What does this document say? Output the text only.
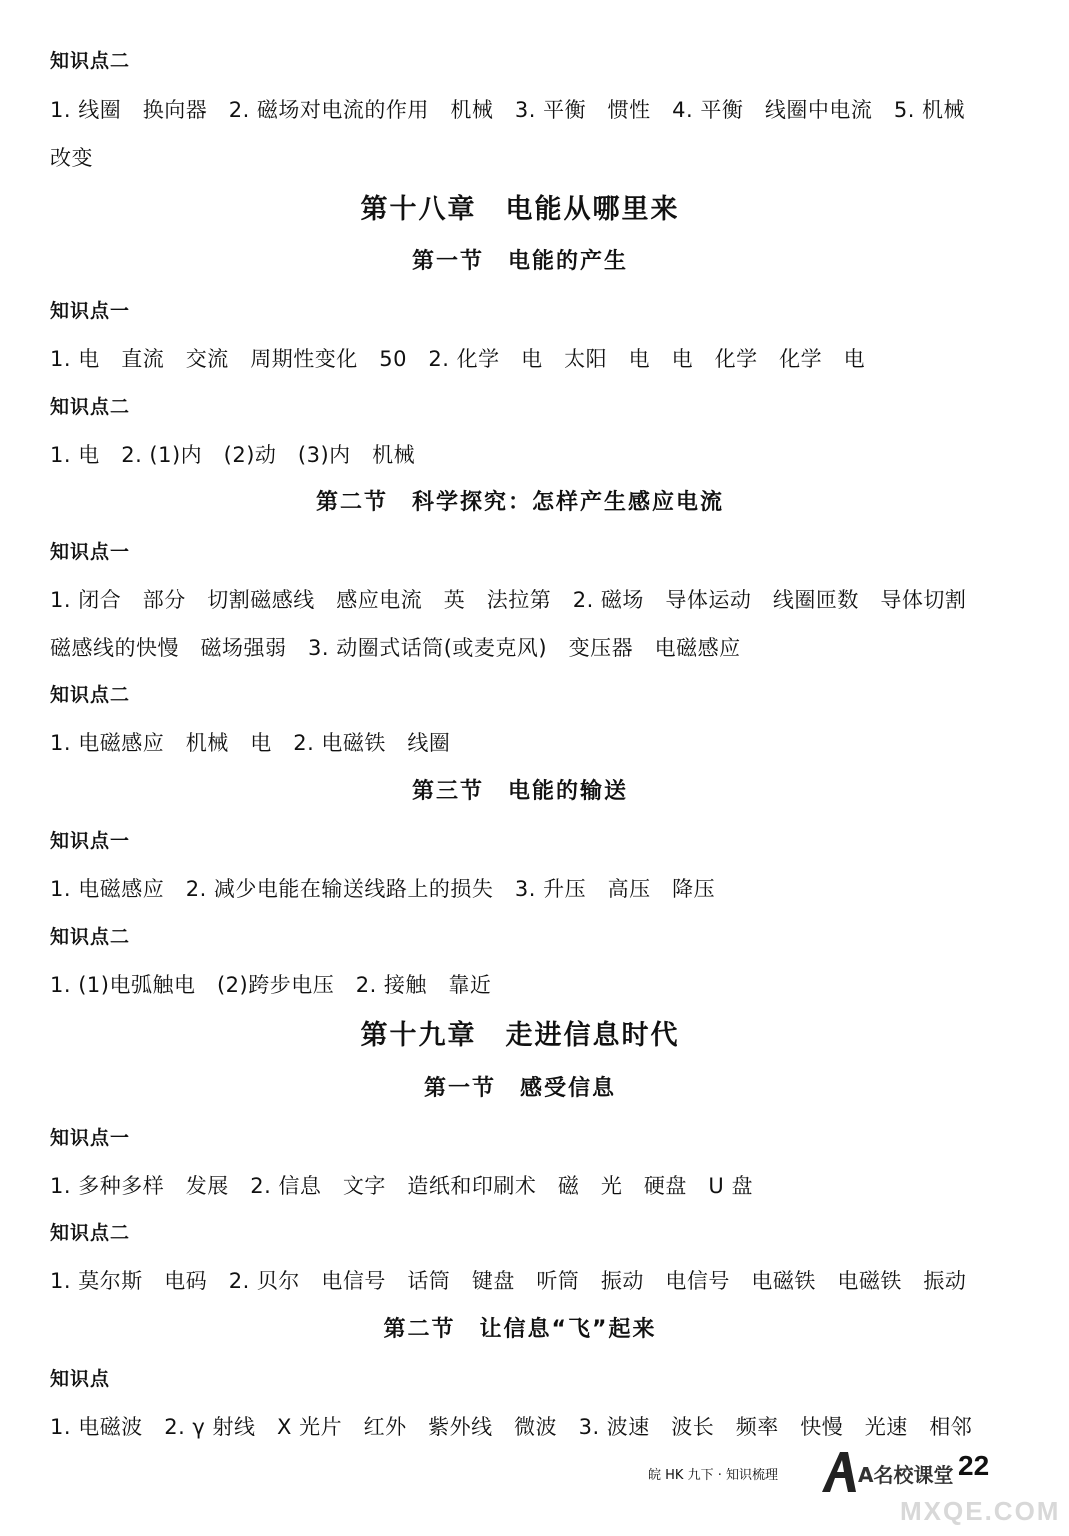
知识点二

1. 线圈　换向器　2. 磁场对电流的作用　机械　3. 平衡　惯性　4. 平衡　线圈中电流　5. 机械

改变

第十八章　电能从哪里来

第一节　电能的产生

知识点一

1. 电　直流　交流　周期性变化　50　2. 化学　电　太阳　电　电　化学　化学　电

知识点二

1. 电　2. (1)内　(2)动　(3)内　机械

第二节　科学探究：怎样产生感应电流

知识点一

1. 闭合　部分　切割磁感线　感应电流　英　法拉第　2. 磁场　导体运动　线圈匝数　导体切割

磁感线的快慢　磁场强弱　3. 动圈式话筒(或麦克风)　变压器　电磁感应

知识点二

1. 电磁感应　机械　电　2. 电磁铁　线圈

第三节　电能的输送

知识点一

1. 电磁感应　2. 减少电能在输送线路上的损失　3. 升压　高压　降压

知识点二

1. (1)电弧触电　(2)跨步电压　2. 接触　靠近

第十九章　走进信息时代

第一节　感受信息

知识点一

1. 多种多样　发展　2. 信息　文字　造纸和印刷术　磁　光　硬盘　U 盘

知识点二

1. 莫尔斯　电码　2. 贝尔　电信号　话筒　键盘　听筒　振动　电信号　电磁铁　电磁铁　振动

第二节　让信息“飞”起来

知识点

1. 电磁波　2. γ 射线　X 光片　红外　紫外线　微波　3. 波速　波长　频率　快慢　光速　相邻

皖 HK 九下 · 知识梳理	A名校课堂 22
MXQE.COM
